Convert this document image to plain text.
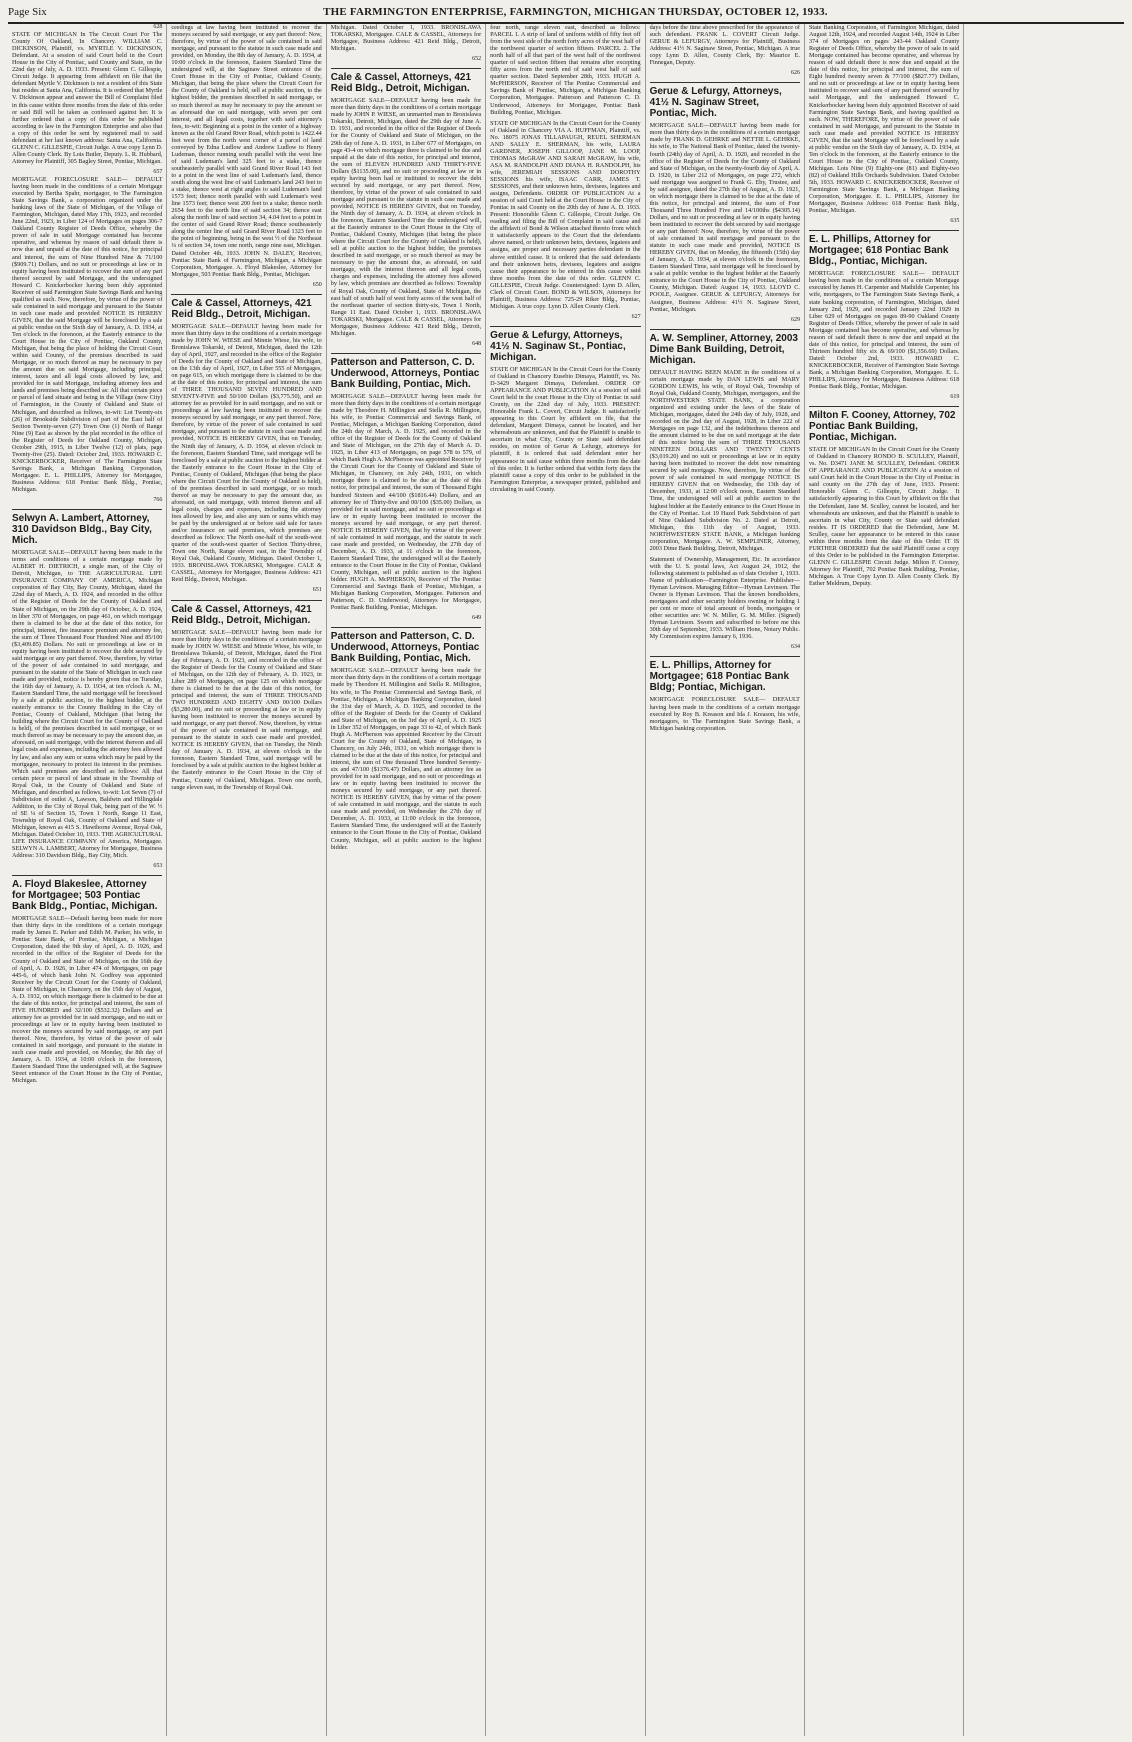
Page Six	THE FARMINGTON ENTERPRISE, FARMINGTON, MICHIGAN THURSDAY, OCTOBER 12, 1933.
628
STATE OF MICHIGAN In The Circuit Court For The County Of Oakland, In Chancery. WILLIAM C. DICKINSON, Plaintiff, vs. MYRTLE V. DICKINSON, Defendant. At a session of said Court held in the Court House in the City of Pontiac, said County and State, on the 22nd day of July, A. D. 1933. Present: Glenn C. Gillespie, Circuit Judge. It appearing from affidavit on file that the defendant Myrtle V. Dickinson is not a resident of this State but resides at Santa Ana, California. It is ordered that Myrtle V. Dickinson appear and answer the Bill of Complaint filed in this cause within three months from the date of this order or said Bill will be taken as confessed against her. It is further ordered that a copy of this order be published according to law in the Farmington Enterprise and also that a copy of this order be sent by registered mail to said defendant at her last known address: Santa Ana, California. GLENN C. GILLESPIE, Circuit Judge. A true copy Lynn D. Allen County Clerk. By Lois Butler, Deputy. L. R. Hubbard, Attorney for Plaintiff, 305 Bagley Street, Pontiac, Michigan.
657
MORTGAGE FORECLOSURE SALE— DEFAULT having been made in the conditions of a certain Mortgage executed by Bertha Spahr, mortgagor, to The Farmington State Savings Bank, a corporation organized under the banking laws of the State of Michigan, of the Village of Farmington, Michigan, dated May 17th, 1923, and recorded June 22nd, 1923, in Liber 124 of Mortgages on pages 306-7 Oakland County Register of Deeds Office, whereby the power of sale in said Mortgage contained has become operative, and whereas by reason of said default there is now due and unpaid at the date of this notice, for principal and interest, the sum of Nine Hundred Nine & 71/100 ($909.71) Dollars, and no suit or proceedings at law or in equity having been instituted to recover the sum of any part thereof secured by said Mortgage, and the undersigned Howard C. Knickerbocker having been duly appointed Receiver of said Farmington State Savings Bank and having qualified as such. Now, therefore, by virtue of the power of sale contained in said mortgage and pursuant to the Statute in such case made and provided NOTICE IS HEREBY GIVEN, that the said Mortgage will be foreclosed by a sale at public vendue on the Sixth day of January, A. D. 1934, at Ten o'clock in the forenoon, at the Easterly entrance to the Court House in the City of Pontiac, Oakland County, Michigan, that being the place of holding the Circuit Court within said County, of the premises described in said Mortgage, or so much thereof as may be necessary to pay the amount due on said Mortgage, including principal, interest, taxes and all legal costs allowed by law, and provided for in said Mortgage, including attorney fees and lands and premises being described as: All that certain piece or parcel of land situate and being in the Village (now City) of Farmington, in the County of Oakland and State of Michigan, and described as follows, to-wit: Lot Twenty-six (26) of Brookside Subdivision of part of the East half of Section Twenty-seven (27) Town One (1) North of Range Nine (9) East as shown by the plat recorded in the office of the Register of Deeds for Oakland County, Michigan, October 29th, 1915, in Liber Twelve (12) of plats, page Twenty-five (25). Dated: October 2nd, 1933. HOWARD C. KNICKERBOCKER, Receiver of The Farmington State Savings Bank, a Michigan Banking Corporation, Mortgagee. E. L. PHILLIPS, Attorney for Mortgagee, Business Address: 618 Pontiac Bank Bldg., Pontiac, Michigan.
766
Selwyn A. Lambert, Attorney, 310 Davidson Bldg., Bay City, Mich.
MORTGAGE SALE—DEFAULT having been made in the terms and conditions of a certain mortgage made by ALBERT H. DIETRICH, a single man, of the City of Detroit, Michigan, to THE AGRICULTURAL LIFE INSURANCE COMPANY OF AMERICA, Michigan corporation of Bay City, Bay County, Michigan, dated the 22nd day of March, A. D. 1924, and recorded in the office of the Register of Deeds for the County of Oakland and State of Michigan, on the 29th day of October, A. D. 1924, in liber 370 of Mortgages, on page 461, on which mortgage there is claimed to be due at the date of this notice, for principal, interest, fire insurance premium and attorney fee, the sum of Three Thousand Four Hundred Nine and 85/100 ($3,409.85) Dollars. No suit or proceedings at law or in equity having been instituted to recover the debt secured by said mortgage or any part thereof. Now, therefore, by virtue of the power of sale contained in said mortgage, and pursuant to the statute of the State of Michigan in such case made and provided, notice is hereby given that on Tuesday, the 16th day of January, A. D. 1934, at ten o'clock A. M., Eastern Standard Time, the said mortgage will be foreclosed by a sale at public auction, to the highest bidder, at the easterly entrance to the County Building in the City of Pontiac, County of Oakland, Michigan (that being the building where the Circuit Court for the County of Oakland is held), of the premises described in said mortgage, or so much thereof as may be necessary to pay the amount due, as aforesaid, on said mortgage, with the interest thereon and all legal costs and expenses, including the attorney fees allowed by law, and also any sum or sums which may be paid by the mortgagee, necessary to protect its interest in the premises. Which said premises are described as follows: All that certain piece or parcel of land situate in the Township of Royal Oak, in the County of Oakland and State of Michigan, and described as follows, to-wit: Lot Seven (7) of Subdivision of outlot A, Lawson, Baldwin and Hillingdale Addition, to the City of Royal Oak, being part of the W. ½ of SE ¼ of Section 15, Town 1 North, Range 11 East, Township of Royal Oak, County of Oakland and State of Michigan, known as 415 S. Hawthorne Avenue, Royal Oak, Michigan. Dated October 10, 1933. THE AGRICULTURAL LIFE INSURANCE COMPANY of America, Mortgagee. SELWYN A. LAMBERT, Attorney for Mortgagee, Business Address: 310 Davidson Bldg., Bay City, Mich.
653
A. Floyd Blakeslee, Attorney for Mortgagee; 503 Pontiac Bank Bldg., Pontiac, Michigan.
MORTGAGE SALE—Default having been made for more than thirty days in the conditions of a certain mortgage made by James E. Parker and Edith M. Parker, his wife, to Pontiac State Bank, of Pontiac, Michigan, a Michigan Corporation, dated the 9th day of April, A. D. 1926, and recorded in the office of the Register of Deeds for the County of Oakland and State of Michigan, on the 16th day of April, A. D. 1926, in Liber 474 of Mortgages, on page 445-6, of which bank John N. Godfrey was appointed Receiver by the Circuit Court for the County of Oakland, State of Michigan, in Chancery, on the 15th day of August, A. D. 1932, on which mortgage there is claimed to be due at the date of this notice, for principal and interest, the sum of FIVE HUNDRED and 32/100 ($532.32) Dollars and an attorney fee as provided for in said mortgage, and no suit or proceedings at law or in equity having been instituted to recover the moneys secured by said mortgage, or any part thereof. Now, therefore, by virtue of the power of sale contained in said mortgage, and pursuant to the statute in such case made and provided, on Monday, the 8th day of January, A. D. 1934, at 10:00 o'clock in the forenoon, Eastern Standard Time the undersigned will, at the Saginaw Street entrance of the Court House in the City of Pontiac, Michigan.
ceedings at law having been instituted to recover the moneys secured by said mortgage, or any part thereof: Now, therefore, by virtue of the power of sale contained in said mortgage, and pursuant to the statute in such case made and provided, on Monday, the 8th day of January, A. D. 1934, at 10:00 o'clock in the forenoon, Eastern Standard Time the undersigned will, at the Saginaw Street entrance of the Court House in the City of Pontiac, Oakland County, Michigan, that being the place where the Circuit Court for the County of Oakland is held, sell at public auction, to the highest bidder, the premises described in said mortgage, or so much thereof as may be necessary to pay the amount so as aforesaid due on said mortgage, with seven per cent interest, and all legal costs, together with said attorney's fees, to-wit: Beginning at a point in the center of a highway known as the old Grand River Road, which point is 1422.44 feet west from the north west corner of a parcel of land conveyed by Edna Ludlow and Andrew Ludlow to Henry Ludeman, thence running south parallel with the west line of said Ludeman's land 325 feet to a stake, thence southeasterly parallel with said Grand River Road 143 feet to a point in the west line of said Ludeman's land, thence south along the west line of said Ludeman's land 243 feet to a stake, thence west at right angles to said Ludeman's land 1573 feet; thence north parallel with said Ludeman's west line 1573 feet; thence west 200 feet to a stake; thence north 2654 feet to the north line of said section 34; thence east along the north line of said section 34, 4.04 feet to a point in the center of said Grand River Road; thence southeasterly along the center line of said Grand River Road 1323 feet to the point of beginning, being in the west ½ of the Northeast ¼ of section 34, town one north, range nine east, Michigan. Dated October 4th, 1933. JOHN N. DALEY, Receiver, Pontiac State Bank of Farmington, Michigan, a Michigan Corporation, Mortgagee. A. Floyd Blakeslee, Attorney for Mortgagee, 503 Pontiac Bank Bldg., Pontiac, Michigan.
650
Cale & Cassel, Attorneys, 421 Reid Bldg., Detroit, Michigan.
MORTGAGE SALE—DEFAULT having been made for more than thirty days in the conditions of a certain mortgage made by JOHN W. WIESE and Minnie Wiese, his wife, to Bronislawa Tokarski, of Detroit, Michigan, dated the 12th day of April, 1927, and recorded in the office of the Register of Deeds for the County of Oakland and State of Michigan, on the 13th day of April, 1927, in Liber 555 of Mortgages, on page 615, on which mortgage there is claimed to be due at the date of this notice, for principal and interest, the sum of THREE THOUSAND SEVEN HUNDRED AND SEVENTY-FIVE and 50/100 Dollars ($3,775.50), and an attorney fee as provided for in said mortgage, and no suit or proceedings at law having been instituted to recover the moneys secured by said mortgage, or any part thereof. Now, therefore, by virtue of the power of sale contained in said mortgage, and pursuant to the statute in such case made and provided, NOTICE IS HEREBY GIVEN, that on Tuesday, the Ninth day of January, A. D. 1934, at eleven o'clock in the forenoon, Eastern Standard Time, said mortgage will be foreclosed by a sale at public auction to the highest bidder at the Easterly entrance to the Court House in the City of Pontiac, County of Oakland, Michigan (that being the place where the Circuit Court for the County of Oakland is held), of the premises described in said mortgage, or so much thereof as may be necessary to pay the amount due, as aforesaid, on said mortgage, with interest thereon and all legal costs, charges and expenses, including the attorney fees allowed by law, and also any sum or sums which may be paid by the undersigned at or before said sale for taxes and/or insurance on said premises, which premises are described as follows: The North one-half of the south-west quarter of the south-west quarter of Section Thirty-three, Town one North, Range eleven east, in the Township of Royal Oak, Oakland County, Michigan. Dated October 1, 1933. BRONISLAWA TOKARSKI, Mortgagee. CALE & CASSEL, Attorneys for Mortgagee, Business Address: 421 Reid Bldg., Detroit, Michigan.
651
Cale & Cassel, Attorneys, 421 Reid Bldg., Detroit, Michigan.
MORTGAGE SALE—DEFAULT having been made for more than thirty days in the conditions of a certain mortgage made by JOHN W. WIESE and Minnie Wiese, his wife, to Bronislawa Tokarski, of Detroit, Michigan, dated the First day of February, A. D. 1923, and recorded in the office of the Register of Deeds for the County of Oakland and State of Michigan, on the 12th day of February, A. D. 1923, in Liber 289 of Mortgages, on page 125 on which mortgage there is claimed to be due at the date of this notice, for principal and interest, the sum of THREE THOUSAND TWO HUNDRED AND EIGHTY AND 00/100 Dollars ($3,280.00), and no suit or proceeding at law or in equity having been instituted to recover the moneys secured by said mortgage, or any part thereof. Now, therefore, by virtue of the power of sale contained in said mortgage, and pursuant to the statute in such case made and provided, NOTICE IS HEREBY GIVEN, that on Tuesday, the Ninth day of January A. D. 1934, at eleven o'clock in the forenoon, Eastern Standard Time, said mortgage will be foreclosed by a sale at public auction to the highest bidder at the Easterly entrance to the Court House in the City of Pontiac, County of Oakland, Michigan. Town one north, range eleven east, in the Township of Royal Oak.
Michigan. Dated October 1, 1933. BRONISLAWA TOKARSKI, Mortgagee. CALE & CASSEL, Attorneys for Mortgagee, Business Address: 421 Reid Bldg., Detroit, Michigan.
652
Cale & Cassel, Attorneys, 421 Reid Bldg., Detroit, Michigan.
MORTGAGE SALE—DEFAULT having been made for more than thirty days in the conditions of a certain mortgage made by JOHN P. WIESE, an unmarried man to Bronislawa Tokarski, Detroit, Michigan, dated the 29th day of June A. D. 1931, and recorded in the office of the Register of Deeds for the County of Oakland and State of Michigan, on the 29th day of June A. D. 1931, in Liber 677 of Mortgages, on page 43-4 on which mortgage there is claimed to be due and unpaid at the date of this notice, for principal and interest, the sum of ELEVEN HUNDRED AND THIRTY-FIVE Dollars ($1135.00), and no suit or proceeding at law or in equity having been had or instituted to recover the debt secured by said mortgage, or any part thereof. Now, therefore, by virtue of the power of sale contained in said mortgage and pursuant to the statute in such case made and provided, NOTICE IS HEREBY GIVEN, that on Tuesday, the Ninth day of January, A. D. 1934, at eleven o'clock in the forenoon, Eastern Standard Time the undersigned will, at the Easterly entrance to the Court House in the City of Pontiac, Oakland County, Michigan (that being the place where the Circuit Court for the County of Oakland is held), sell at public auction to the highest bidder, the premises described in said mortgage, or so much thereof as may be necessary to pay the amount due, as aforesaid, on said mortgage, with the interest thereon and all legal costs, charges and expenses, including the attorney fees allowed by law, which premises are described as follows: Township of Royal Oak, County of Oakland, State of Michigan, the east half of south half of west forty acres of the west half of the northeast quarter of section thirty-six, Town 1 North, Range 11 East. Dated October 1, 1933. BRONISLAWA TOKARSKI, Mortgagee. CALE & CASSEL, Attorneys for Mortgagee, Business Address: 421 Reid Bldg., Detroit, Michigan.
648
Patterson and Patterson, C. D. Underwood, Attorneys, Pontiac Bank Building, Pontiac, Mich.
MORTGAGE SALE—DEFAULT having been made for more than thirty days in the conditions of a certain mortgage made by Theodore H. Millington and Stella R. Millington, his wife, to Pontiac Commercial and Savings Bank, of Pontiac, Michigan, a Michigan Banking Corporation, dated the 24th day of March, A. D. 1925, and recorded in the office of the Register of Deeds for the County of Oakland and State of Michigan, on the 27th day of March A. D. 1925, in Liber 413 of Mortgages, on page 578 to 579, of which Bank Hugh A. McPherson was appointed Receiver by the Circuit Court for the County of Oakland and State of Michigan, in Chancery, on July 24th, 1931, on which mortgage there is claimed to be due at the date of this notice, for principal and interest, the sum of Thousand Eight hundred Sixteen and 44/100 ($1816.44) Dollars, and an attorney fee of Thirty-five and 00/100 ($35.00) Dollars, as provided for in said mortgage, and no suit or proceedings at law or in equity having been instituted to recover the moneys secured by said mortgage, or any part thereof. NOTICE IS HEREBY GIVEN, that by virtue of the power of sale contained in said mortgage, and the statute in such case made and provided, on Wednesday, the 27th day of December, A. D. 1933, at 11 o'clock in the forenoon, Eastern Standard Time, the undersigned will at the Easterly entrance to the Court House in the City of Pontiac, Oakland County, Michigan, sell at public auction to the highest bidder. HUGH A. McPHERSON, Receiver of The Pontiac Commercial and Savings Bank of Pontiac, Michigan, a Michigan Banking Corporation, Mortgagee. Patterson and Patterson, C. D. Underwood, Attorneys for Mortgagee, Pontiac Bank Building, Pontiac, Michigan.
649
Patterson and Patterson, C. D. Underwood, Attorneys, Pontiac Bank Building, Pontiac, Mich.
MORTGAGE SALE—DEFAULT having been made for more than thirty days in the conditions of a certain mortgage made by Theodore H. Millington and Stella R. Millington, his wife, to The Pontiac Commercial and Savings Bank, of Pontiac, Michigan, a Michigan Banking Corporation, dated the 31st day of March, A. D. 1925, and recorded in the office of the Register of Deeds for the County of Oakland and State of Michigan, on the 3rd day of April, A. D. 1925 in Liber 352 of Mortgages, on page 33 to 42, of which Bank Hugh A. McPherson was appointed Receiver by the Circuit Court for the County of Oakland, State of Michigan, in Chancery, on July 24th, 1931, on which mortgage there is claimed to be due at the date of this notice, for principal and interest, the sum of One thousand Three hundred Seventy-six and 47/100 ($1376.47) Dollars, and an attorney fee as provided for in said mortgage, and no suit or proceedings at law or in equity having been instituted to recover the moneys secured by said mortgage, or any part thereof. NOTICE IS HEREBY GIVEN, that by virtue of the power of sale contained in said mortgage, and the statute in such case made and provided, on Wednesday the 27th day of December, A. D. 1933, at 11:00 o'clock in the forenoon, Eastern Standard Time, the undersigned will at the Easterly entrance to the Court House in the City of Pontiac, Oakland County, Michigan, sell at public auction to the highest bidder.
four north, range eleven east, described as follows: PARCEL 1. A strip of land of uniform width of fifty feet off from the west side of the north forty acres of the west half of the northwest quarter of section fifteen. PARCEL 2. The north half of all that part of the west half of the northwest quarter of said section fifteen that remains after excepting fifty acres from the north end of said west half of said quarter section. Dated September 28th, 1933. HUGH A. McPHERSON, Receiver of The Pontiac Commercial and Savings Bank of Pontiac, Michigan, a Michigan Banking Corporation, Mortgagee. Patterson and Patterson C. D. Underwood, Attorneys for Mortgagee, Pontiac Bank Building, Pontiac, Michigan.
STATE OF MICHIGAN In the Circuit Court for the County of Oakland in Chancery VIA A. HUFFMAN, Plaintiff, vs. No. 18075 JONAS TILLAPAUGH, REUEL SHERMAN AND SALLY E. SHERMAN, his wife, LAURA GARDNER, JOSEPH GILLOOP, JANE M. LOOP, THOMAS McGRAW AND SARAH McGRAW, his wife, ASA M. RANDOLPH AND DIANA H. RANDOLPH, his wife, JEREMIAH SESSIONS AND DOROTHY SESSIONS his wife, ISAAC CARR, JAMES T. SESSIONS, and their unknown heirs, devisees, legatees and assigns, Defendants. ORDER OF PUBLICATION At a session of said Court held at the Court House in the City of Pontiac in said County on the 20th day of June A. D. 1933. Present: Honorable Glenn C. Gillespie, Circuit Judge. On reading and filing the Bill of Complaint in said cause and the affidavit of Bond & Wilson attached thereto from which it satisfactorily appears to the Court that the defendants above named, or their unknown heirs, devisees, legatees and assigns, are proper and necessary parties defendant in the above entitled cause. It is ordered that the said defendants and their unknown heirs, devisees, legatees and assigns cause their appearance to be entered in this cause within three months from the date of this order. GLENN C. GILLESPIE, Circuit Judge. Countersigned: Lynn D. Allen, Clerk of Circuit Court. BOND & WILSON, Attorneys for Plaintiff, Business Address: 725-29 Riker Bldg., Pontiac, Michigan. A true copy. Lynn D. Allen County Clerk.
627
Gerue & Lefurgy, Attorneys, 41½ N. Saginaw St., Pontiac, Michigan.
STATE OF MICHIGAN In the Circuit Court for the County of Oakland in Chancery Eusebio Dimaya, Plaintiff, vs. No. D-3429 Margaret Dimaya, Defendant. ORDER OF APPEARANCE AND PUBLICATION At a session of said Court held in the court House in the City of Pontiac in said County, on the 22nd day of July, 1933. PRESENT: Honorable Frank L. Covert, Circuit Judge. It satisfactorily appearing to this Court by affidavit on file, that the defendant, Margaret Dimaya, cannot be located, and her whereabouts are unknown, and that the Plaintiff is unable to ascertain in what City, County or State said defendant resides, on motion of Gerue & Lefurgy, attorneys for plaintiff, it is ordered that said defendant enter her appearance in said cause within three months from the date of this order. It is further ordered that within forty days the plaintiff cause a copy of this order to be published in the Farmington Enterprise, a newspaper printed, published and circulating in said County.
days before the time above prescribed for the appearance of such defendant. FRANK L. COVERT Circuit Judge. GERUE & LEFURGY, Attorneys for Plaintiff, Business Address: 41½ N. Saginaw Street, Pontiac, Michigan. A true copy Lynn D. Allen, County Clerk, By: Maurice E. Finnegan, Deputy.
626
Gerue & Lefurgy, Attorneys, 41½ N. Saginaw Street, Pontiac, Mich.
MORTGAGE SALE—DEFAULT having been made for more than thirty days in the conditions of a certain mortgage made by FRANK D. GEHRKE and NETTIE L. GEHRKE, his wife, to The National Bank of Pontiac, dated the twenty-fourth (24th) day of April, A. D. 1920, and recorded in the office of the Register of Deeds for the County of Oakland and State of Michigan, on the twenty-fourth day of April, A. D. 1920, in Liber 212 of Mortgages, on page 272, which said mortgage was assigned to Frank G. Eby, Trustee, and by said assignee, dated the 27th day of August, A. D. 1921, on which mortgage there is claimed to be due at the date of this notice, for principal and interest, the sum of Four Thousand Three Hundred Five and 14/100ths ($4305.14) Dollars, and no suit or proceeding at law or in equity having been instituted to recover the debt secured by said mortgage or any part thereof: Now, therefore, by virtue of the power of sale contained in said mortgage and pursuant to the statute in such case made and provided, NOTICE IS HEREBY GIVEN, that on Monday, the fifteenth (15th) day of January, A. D. 1934, at eleven o'clock in the forenoon, Eastern Standard Time, said mortgage will be foreclosed by a sale at public vendue to the highest bidder at the Easterly entrance to the Court House in the City of Pontiac, Oakland County, Michigan. Dated: August 14, 1933. LLOYD C. POOLE, Assignee. GERUE & LEFURGY, Attorneys for Assignee, Business Address: 41½ N. Saginaw Street, Pontiac, Michigan.
629
A. W. Sempliner, Attorney, 2003 Dime Bank Building, Detroit, Michigan.
DEFAULT HAVING BEEN MADE in the conditions of a certain mortgage made by DAN LEWIS and MARY GORDON LEWIS, his wife, of Royal Oak, Township of Royal Oak, Oakland County, Michigan, mortgagors, and the NORTHWESTERN STATE BANK, a corporation organized and existing under the laws of the State of Michigan, mortgagee, dated the 24th day of July, 1928, and recorded on the 2nd day of August, 1928, in Liber 222 of Mortgages on page 132, and the indebtedness thereon and the amount claimed to be due on said mortgage at the date of this notice being the sum of THREE THOUSAND NINETEEN DOLLARS AND TWENTY CENTS ($3,019.20) and no suit or proceedings at law or in equity having been instituted to recover the debt now remaining secured by said mortgage. Now, therefore, by virtue of the power of sale contained in said mortgage NOTICE IS HEREBY GIVEN that on Wednesday, the 13th day of December, 1933, at 12:00 o'clock noon, Eastern Standard Time, the undersigned will sell at public auction to the highest bidder at the Easterly entrance to the Court House in the City of Pontiac. Lot 19 Hazel Park Subdivision of part of Nine Oakland Subdivision No. 2. Dated at Detroit, Michigan, this 11th day of August, 1933. NORTHWESTERN STATE BANK, a Michigan banking corporation, Mortgagee. A. W. SEMPLINER, Attorney, 2003 Dime Bank Building, Detroit, Michigan.
Statement of Ownership, Management, Etc. In accordance with the U. S. postal laws, Act August 24, 1912, the following statement is published as of date October 1, 1933. Name of publication—Farmington Enterprise. Publisher—Hyman Levinson. Managing Editor—Hyman Levinson. The Owner is Hyman Levinson. That the known bondholders, mortgagees and other security holders owning or holding 1 per cent or more of total amount of bonds, mortgages or other securities are: W. N. Miller, G. M. Miller. (Signed) Hyman Levinson. Sworn and subscribed to before me this 30th day of September, 1933. William Hone, Notary Public. My Commission expires January 6, 1936.
634
E. L. Phillips, Attorney for Mortgagee; 618 Pontiac Bank Bldg; Pontiac, Michigan.
MORTGAGE FORECLOSURE SALE— DEFAULT having been made in the conditions of a certain mortgage executed by Roy B. Kreason and Ida J. Kreason, his wife, mortgagors, to The Farmington State Savings Bank, a Michigan banking corporation.
State Banking Corporation, of Farmington Michigan, dated August 12th, 1924, and recorded August 14th, 1924 in Liber 374 of Mortgages on pages 243-44 Oakland County Register of Deeds Office, whereby the power of sale in said Mortgage contained has become operative, and whereas by reason of said default there is now due and unpaid at the date of this notice, for principal and interest, the sum of Eight hundred twenty seven & 77/100 ($827.77) Dollars, and no suit or proceedings at law or in equity having been instituted to recover said sum of any part thereof secured by said Mortgage, and the undersigned Howard C. Knickerbocker having been duly appointed Receiver of said Farmington State Savings Bank, and having qualified as such. NOW, THEREFORE, by virtue of the power of sale contained in said Mortgage, and pursuant to the Statute in such case made and provided NOTICE IS HEREBY GIVEN, that the said Mortgage will be foreclosed by a sale at public vendue on the Sixth day of January, A. D. 1934, at Ten o'clock in the forenoon, at the Easterly entrance to the Court House in the City of Pontiac, Oakland County, Michigan. Lots Nine (9) Eighty-one (81) and Eighty-two (82) of Oakland Hills Orchards Subdivision. Dated October 5th, 1933. HOWARD C. KNICKERBOCKER, Receiver of Farmington State Savings Bank, a Michigan Banking Corporation, Mortgagee. E. L. PHILLIPS, Attorney for Mortgagee, Business Address: 618 Pontiac Bank Bldg., Pontiac, Michigan.
635
E. L. Phillips, Attorney for Mortgagee; 618 Pontiac Bank Bldg., Pontiac, Michigan.
MORTGAGE FORECLOSURE SALE— DEFAULT having been made in the conditions of a certain Mortgage executed by James H. Carpenter and Mathilde Carpenter, his wife, mortgagors, to The Farmington State Savings Bank, a state banking corporation, of Farmington, Michigan, dated January 2nd, 1929, and recorded January 22nd 1929 in Liber 629 of Mortgages on pages 89-90 Oakland County Register of Deeds Office, whereby the power of sale in said Mortgage contained has become operative, and whereas by reason of said default there is now due and unpaid at the date of this notice, for principal and interest, the sum of Thirteen hundred fifty six & 69/100 ($1,356.69) Dollars. Dated: October 2nd, 1933. HOWARD C. KNICKERBOCKER, Receiver of Farmington State Savings Bank, a Michigan Banking Corporation, Mortgagee. E. L. PHILLIPS, Attorney for Mortgagee, Business Address: 618 Pontiac Bank Bldg., Pontiac, Michigan.
619
Milton F. Cooney, Attorney, 702 Pontiac Bank Building, Pontiac, Michigan.
STATE OF MICHIGAN In the Circuit Court for the County of Oakland in Chancery RONDO B. SCULLEY, Plaintiff, vs. No. D3471 JANE M. SCULLEY, Defendant. ORDER OF APPEARANCE AND PUBLICATION At a session of said Court held in the Court House in the City of Pontiac in said county on the 27th day of June, 1933. Present: Honorable Glenn C. Gillespie, Circuit Judge. It satisfactorily appearing to this Court by affidavit on file that the Defendant, Jane M. Sculley, cannot be located, and her whereabouts are unknown, and that the Plaintiff is unable to ascertain in what City, County or State said defendant resides. IT IS ORDERED that the Defendant, Jane M. Sculley, cause her appearance to be entered in this cause within three months from the date of this Order. IT IS FURTHER ORDERED that the said Plaintiff cause a copy of this Order to be published in the Farmington Enterprise. GLENN C. GILLESPIE Circuit Judge. Milton F. Cooney, Attorney for Plaintiff, 702 Pontiac Bank Building, Pontiac, Michigan. A True Copy Lynn D. Allen County Clerk. By Esther Meldrum, Deputy.
